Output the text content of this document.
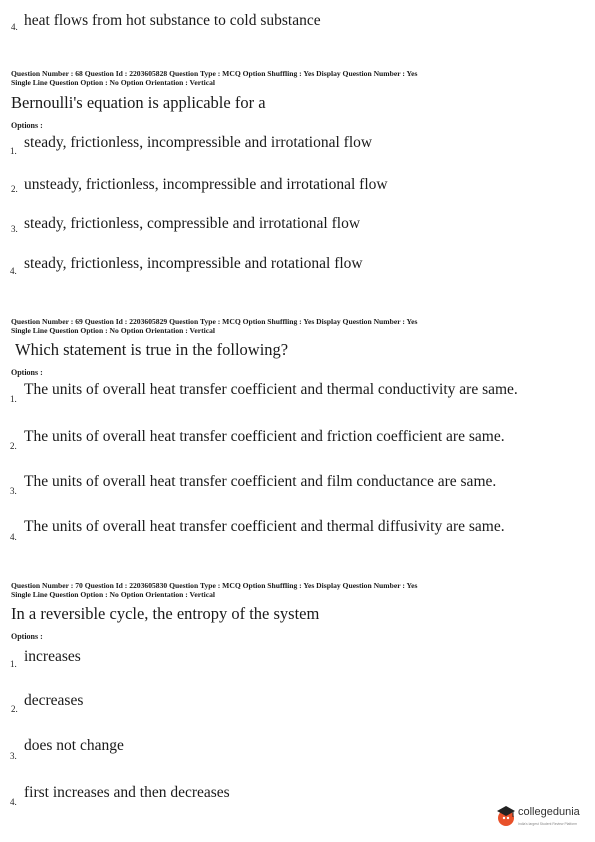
4. heat flows from hot substance to cold substance
Question Number : 68 Question Id : 2203605828 Question Type : MCQ Option Shuffling : Yes Display Question Number : Yes
Single Line Question Option : No Option Orientation : Vertical
Bernoulli's equation is applicable for a
Options :
1. steady, frictionless, incompressible and irrotational flow
2. unsteady, frictionless, incompressible and irrotational flow
3. steady, frictionless, compressible and irrotational flow
4. steady, frictionless, incompressible and rotational flow
Question Number : 69 Question Id : 2203605829 Question Type : MCQ Option Shuffling : Yes Display Question Number : Yes
Single Line Question Option : No Option Orientation : Vertical
Which statement is true in the following?
Options :
1.
The units of overall heat transfer coefficient and thermal conductivity are same.
2.
The units of overall heat transfer coefficient and friction coefficient are same.
3.
The units of overall heat transfer coefficient and film conductance are same.
4.
The units of overall heat transfer coefficient and thermal diffusivity are same.
Question Number : 70 Question Id : 2203605830 Question Type : MCQ Option Shuffling : Yes Display Question Number : Yes
Single Line Question Option : No Option Orientation : Vertical
In a reversible cycle, the entropy of the system
Options :
1. increases
2. decreases
3.
does not change
4.
first increases and then decreases
collegedunia
India's largest Student Review Platform
